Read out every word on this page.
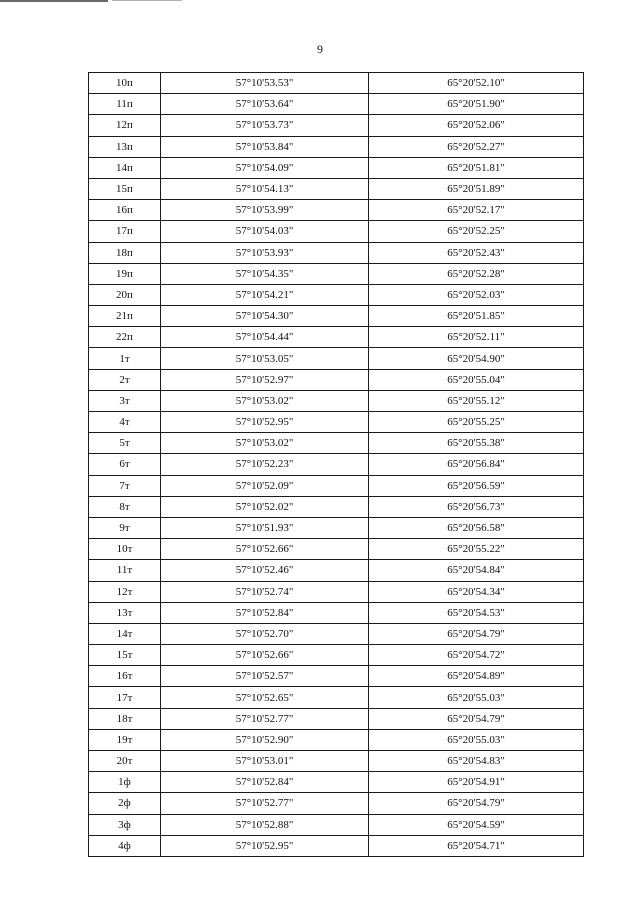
9
10п	57°10'53.53"	65°20'52.10"
11п	57°10'53.64"	65°20'51.90"
12п	57°10'53.73"	65°20'52.06"
13п	57°10'53.84"	65°20'52.27"
14п	57°10'54.09"	65°20'51.81"
15п	57°10'54.13"	65°20'51.89"
16п	57°10'53.99"	65°20'52.17"
17п	57°10'54.03"	65°20'52.25"
18п	57°10'53.93"	65°20'52.43"
19п	57°10'54.35"	65°20'52.28"
20п	57°10'54.21"	65°20'52.03"
21п	57°10'54.30"	65°20'51.85"
22п	57°10'54.44"	65°20'52.11"
1т	57°10'53.05"	65°20'54.90"
2т	57°10'52.97"	65°20'55.04"
3т	57°10'53.02"	65°20'55.12"
4т	57°10'52.95"	65°20'55.25"
5т	57°10'53.02"	65°20'55.38"
6т	57°10'52.23"	65°20'56.84"
7т	57°10'52.09"	65°20'56.59"
8т	57°10'52.02"	65°20'56.73"
9т	57°10'51.93"	65°20'56.58"
10т	57°10'52.66"	65°20'55.22"
11т	57°10'52.46"	65°20'54.84"
12т	57°10'52.74"	65°20'54.34"
13т	57°10'52.84"	65°20'54.53"
14т	57°10'52.70"	65°20'54.79"
15т	57°10'52.66"	65°20'54.72"
16т	57°10'52.57"	65°20'54.89"
17т	57°10'52.65"	65°20'55.03"
18т	57°10'52.77"	65°20'54.79"
19т	57°10'52.90"	65°20'55.03"
20т	57°10'53.01"	65°20'54.83"
1ф	57°10'52.84"	65°20'54.91"
2ф	57°10'52.77"	65°20'54.79"
3ф	57°10'52.88"	65°20'54.59"
4ф	57°10'52.95"	65°20'54.71"
